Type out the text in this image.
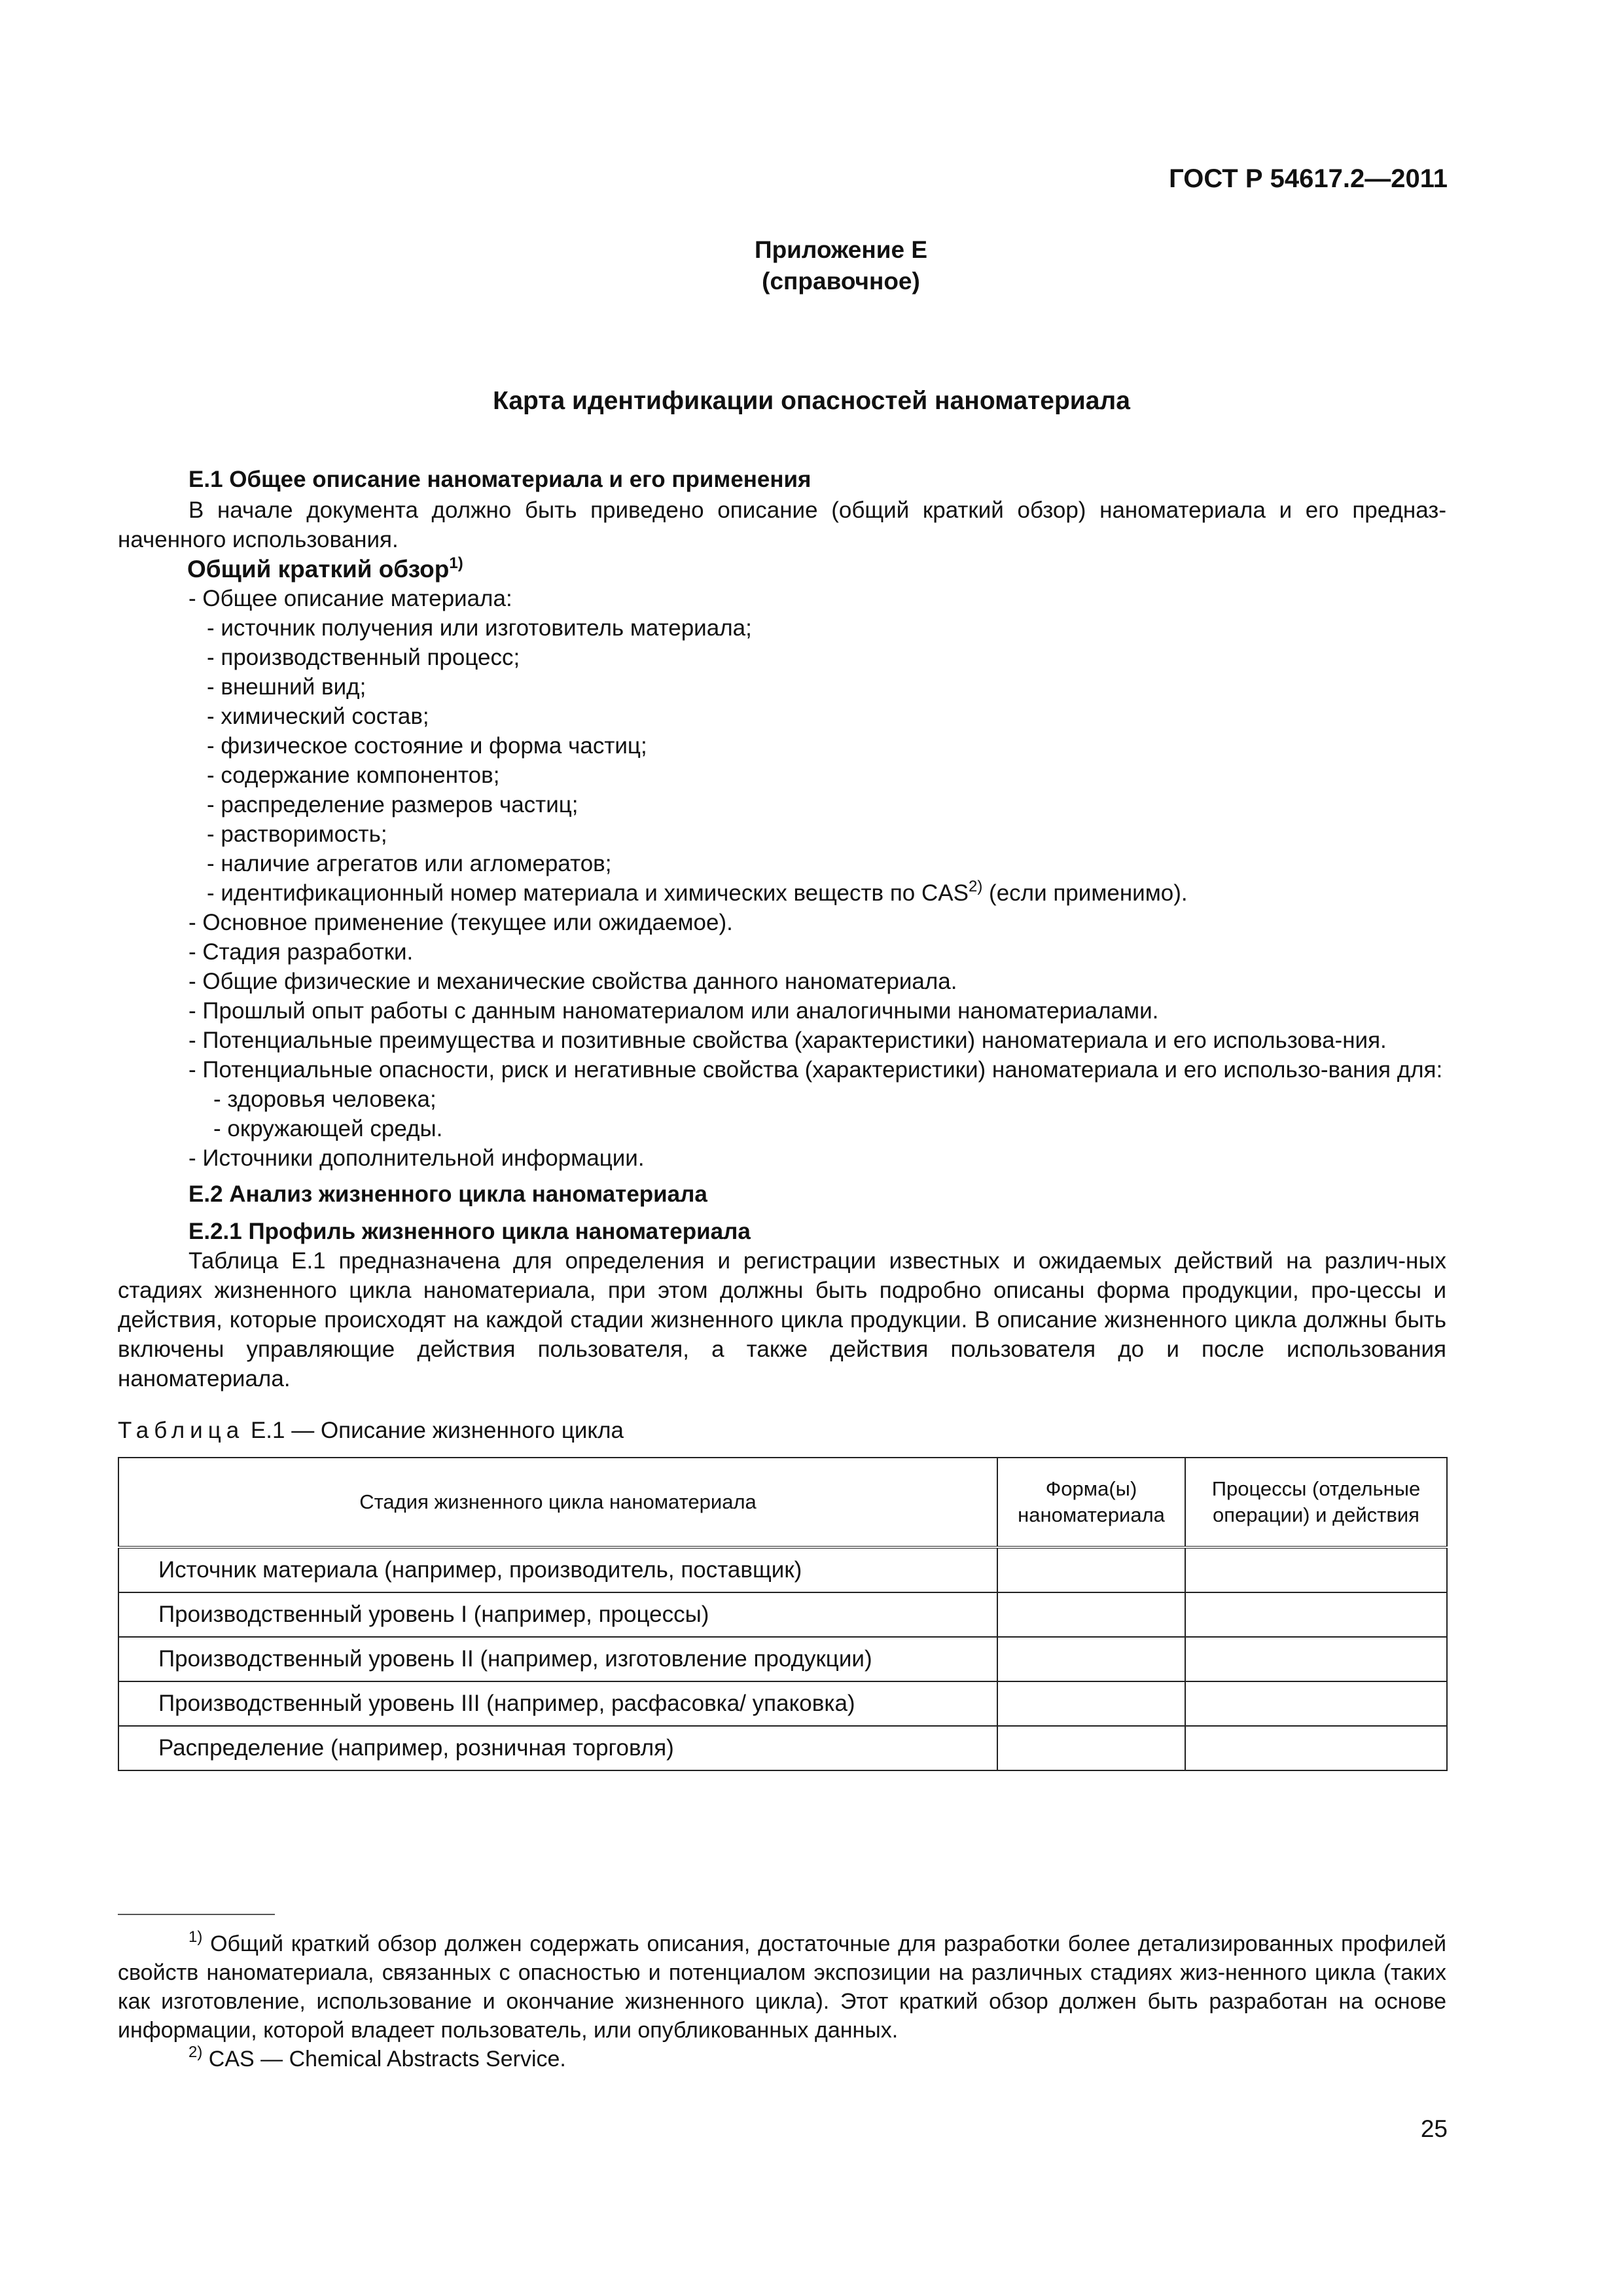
ГОСТ Р 54617.2—2011
Приложение Е
(справочное)
Карта идентификации опасностей наноматериала
Е.1 Общее описание наноматериала и его применения

В начале документа должно быть приведено описание (общий краткий обзор) наноматериала и его предназ-наченного использования.

Общий краткий обзор$^{1)}$

- Общее описание материала:

- источник получения или изготовитель материала;

- производственный процесс;

- внешний вид;

- химический состав;

- физическое состояние и форма частиц;

- содержание компонентов;

- распределение размеров частиц;

- растворимость;

- наличие агрегатов или агломератов;

- идентификационный номер материала и химических веществ по CAS$^{2)}$ (если применимо).

- Основное применение (текущее или ожидаемое).

- Стадия разработки.

- Общие физические и механические свойства данного наноматериала.

- Прошлый опыт работы с данным наноматериалом или аналогичными наноматериалами.

- Потенциальные преимущества и позитивные свойства (характеристики) наноматериала и его использова-ния.

- Потенциальные опасности, риск и негативные свойства (характеристики) наноматериала и его использо-вания для:

- здоровья человека;

- окружающей среды.

- Источники дополнительной информации.

Е.2 Анализ жизненного цикла наноматериала
Е.2.1 Профиль жизненного цикла наноматериала

Таблица Е.1 предназначена для определения и регистрации известных и ожидаемых действий на различ-ных стадиях жизненного цикла наноматериала, при этом должны быть подробно описаны форма продукции, про-цессы и действия, которые происходят на каждой стадии жизненного цикла продукции. В описание жизненного цикла должны быть включены управляющие действия пользователя, а также действия пользователя до и после использования наноматериала.

Таблица Е.1 — Описание жизненного цикла
Стадия жизненного цикла наноматериала	Форма(ы) наноматериала	Процессы (отдельные операции) и действия
Источник материала (например, производитель, поставщик)		
Производственный уровень I (например, процессы)		
Производственный уровень II (например, изготовление продукции)		
Производственный уровень III (например, расфасовка/ упаковка)		
Распределение (например, розничная торговля)		

$^{1)}$ Общий краткий обзор должен содержать описания, достаточные для разработки более детализированных профилей свойств наноматериала, связанных с опасностью и потенциалом экспозиции на различных стадиях жиз-ненного цикла (таких как изготовление, использование и окончание жизненного цикла). Этот краткий обзор должен быть разработан на основе информации, которой владеет пользователь, или опубликованных данных.

$^{2)}$ CAS — Chemical Abstracts Service.

25
